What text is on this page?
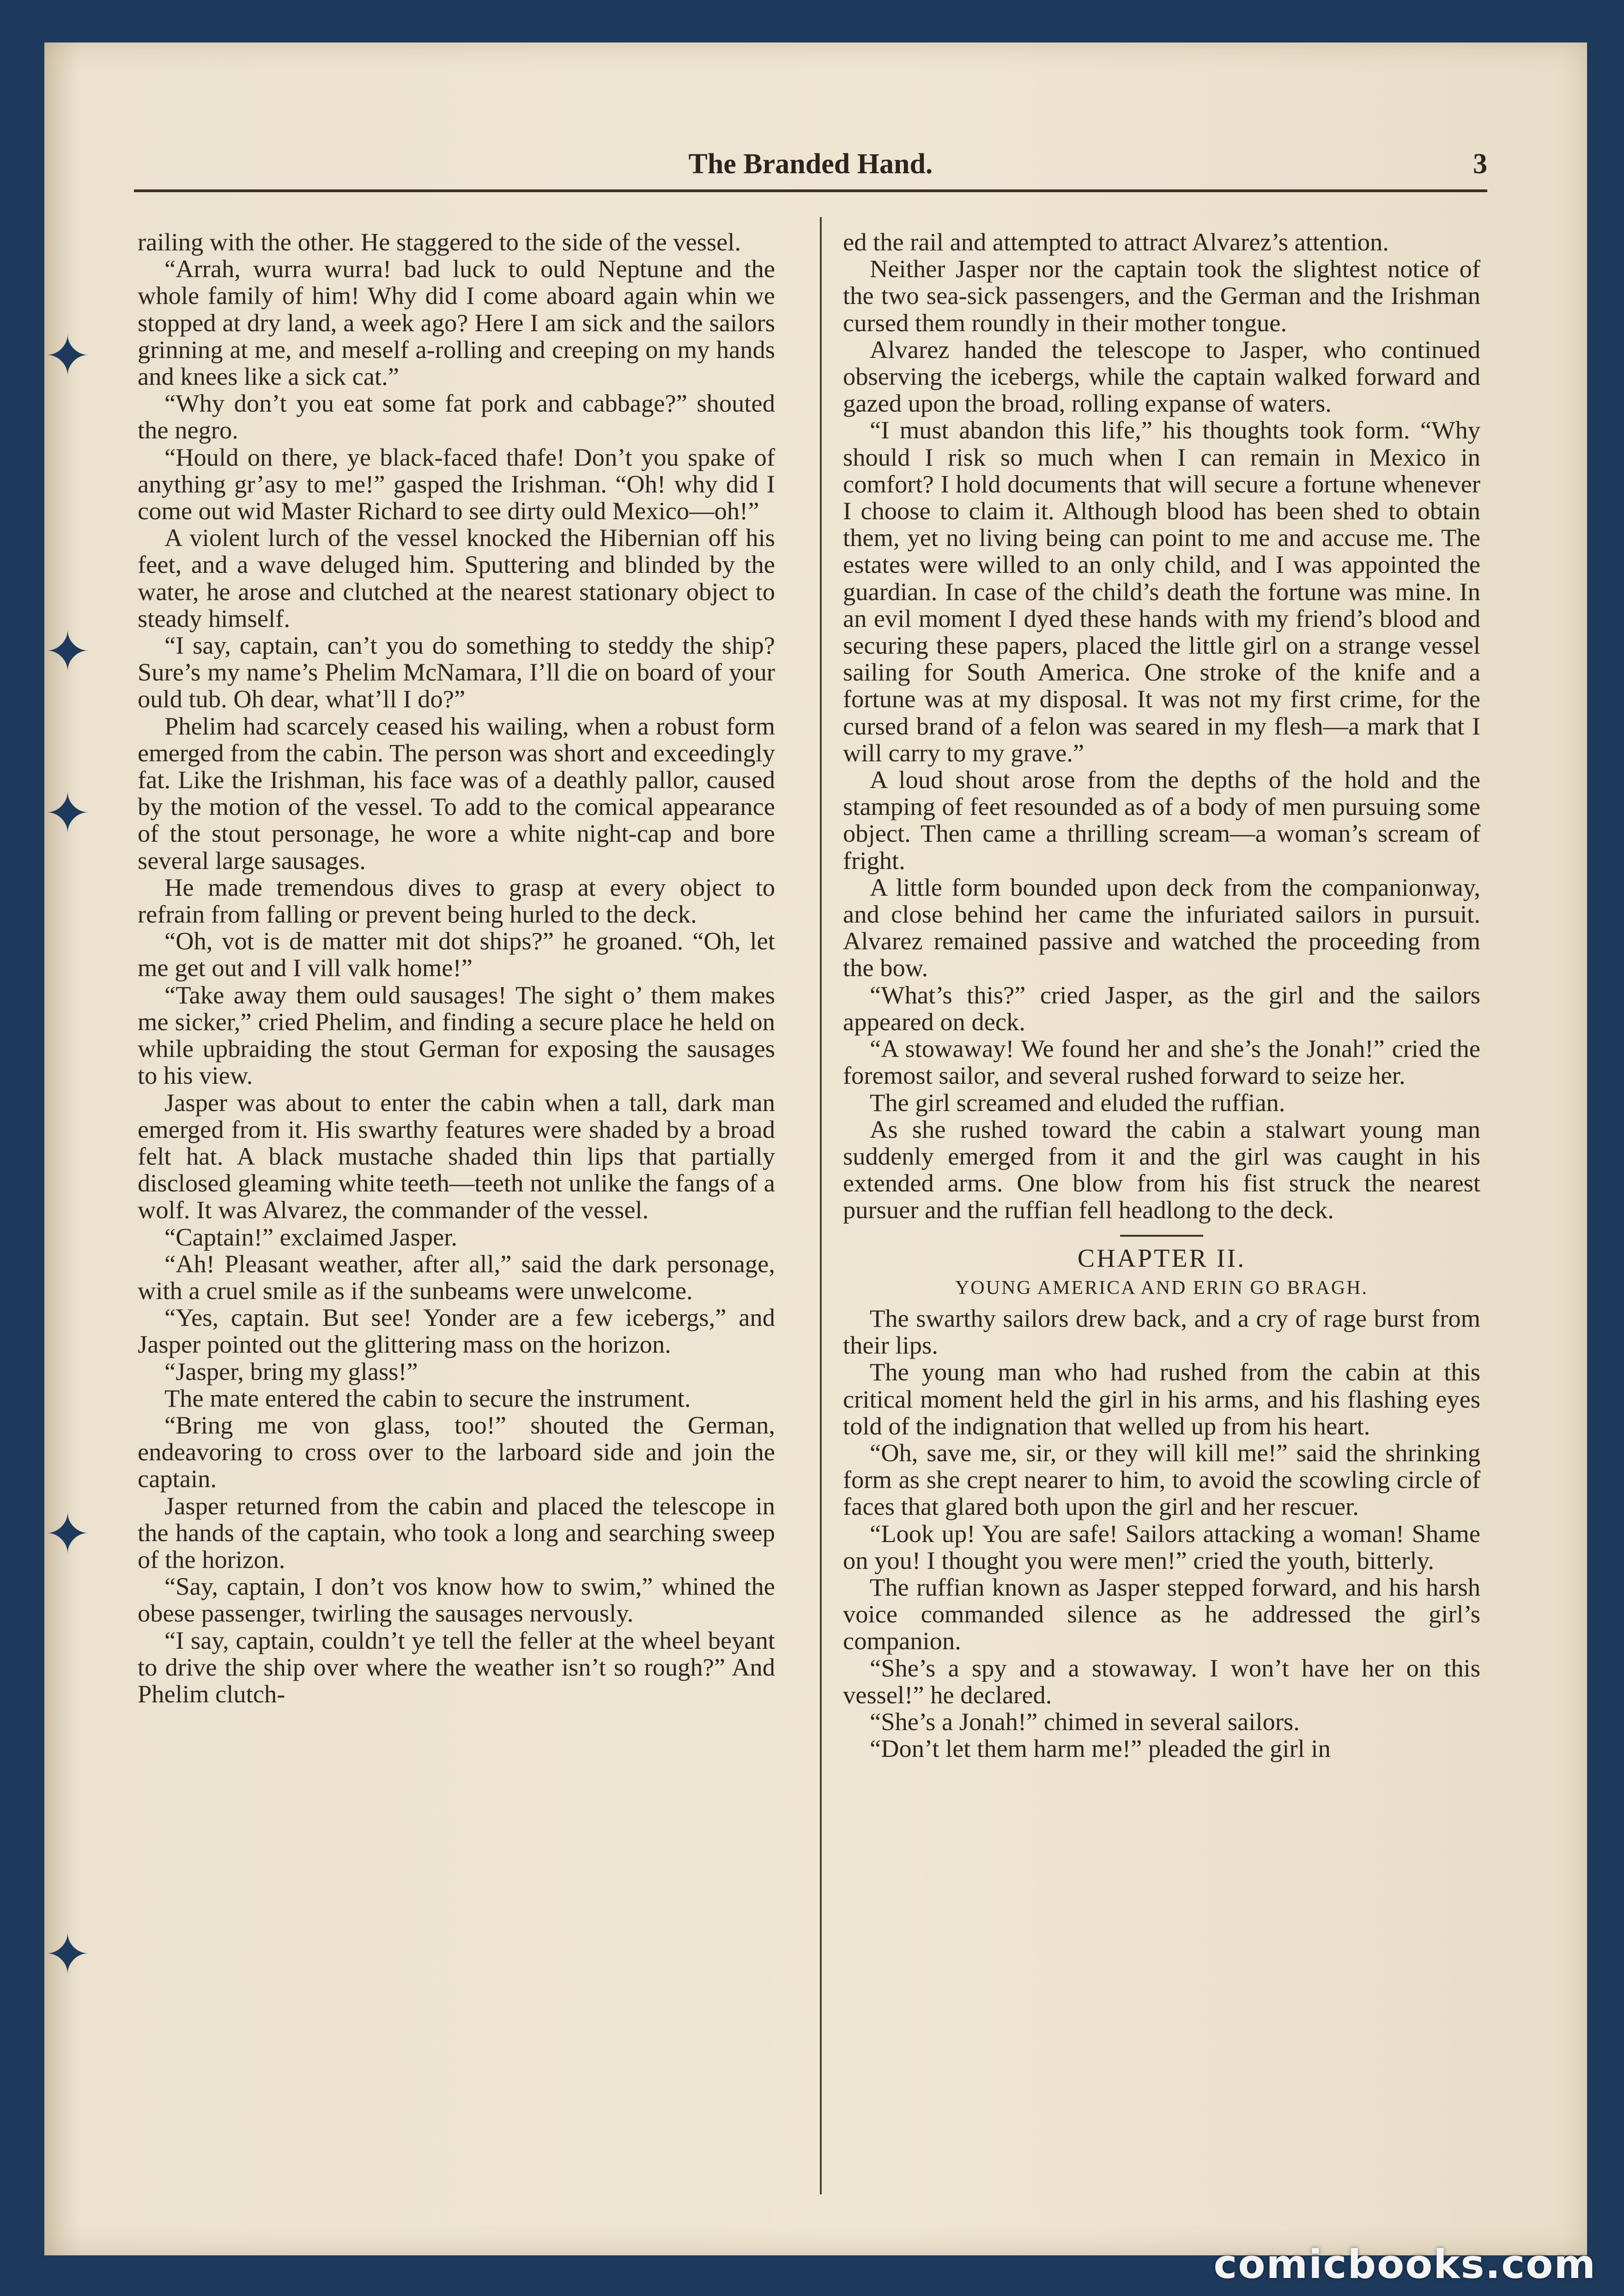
✦
✦
✦
✦
✦
The Branded Hand.	3

railing with the other. He staggered to the side of the vessel.

“Arrah, wurra wurra! bad luck to ould Neptune and the whole family of him! Why did I come aboard again whin we stopped at dry land, a week ago? Here I am sick and the sailors grinning at me, and meself a-rolling and creeping on my hands and knees like a sick cat.”

“Why don’t you eat some fat pork and cabbage?” shouted the negro.

“Hould on there, ye black-faced thafe! Don’t you spake of anything gr’asy to me!” gasped the Irishman. “Oh! why did I come out wid Master Richard to see dirty ould Mexico—oh!”

A violent lurch of the vessel knocked the Hibernian off his feet, and a wave deluged him. Sputtering and blinded by the water, he arose and clutched at the nearest stationary object to steady himself.

“I say, captain, can’t you do something to steddy the ship? Sure’s my name’s Phelim McNamara, I’ll die on board of your ould tub. Oh dear, what’ll I do?”

Phelim had scarcely ceased his wailing, when a robust form emerged from the cabin. The person was short and exceedingly fat. Like the Irishman, his face was of a deathly pallor, caused by the motion of the vessel. To add to the comical appearance of the stout personage, he wore a white night-cap and bore several large sausages.

He made tremendous dives to grasp at every object to refrain from falling or prevent being hurled to the deck.

“Oh, vot is de matter mit dot ships?” he groaned. “Oh, let me get out and I vill valk home!”

“Take away them ould sausages! The sight o’ them makes me sicker,” cried Phelim, and finding a secure place he held on while upbraiding the stout German for exposing the sausages to his view.

Jasper was about to enter the cabin when a tall, dark man emerged from it. His swarthy features were shaded by a broad felt hat. A black mustache shaded thin lips that partially disclosed gleaming white teeth—teeth not unlike the fangs of a wolf. It was Alvarez, the commander of the vessel.

“Captain!” exclaimed Jasper.

“Ah! Pleasant weather, after all,” said the dark personage, with a cruel smile as if the sunbeams were unwelcome.

“Yes, captain. But see! Yonder are a few icebergs,” and Jasper pointed out the glittering mass on the horizon.

“Jasper, bring my glass!”

The mate entered the cabin to secure the instrument.

“Bring me von glass, too!” shouted the German, endeavoring to cross over to the larboard side and join the captain.

Jasper returned from the cabin and placed the telescope in the hands of the captain, who took a long and searching sweep of the horizon.

“Say, captain, I don’t vos know how to swim,” whined the obese passenger, twirling the sausages nervously.

“I say, captain, couldn’t ye tell the feller at the wheel beyant to drive the ship over where the weather isn’t so rough?” And Phelim clutch-

ed the rail and attempted to attract Alvarez’s attention.

Neither Jasper nor the captain took the slightest notice of the two sea-sick passengers, and the German and the Irishman cursed them roundly in their mother tongue.

Alvarez handed the telescope to Jasper, who continued observing the icebergs, while the captain walked forward and gazed upon the broad, rolling expanse of waters.

“I must abandon this life,” his thoughts took form. “Why should I risk so much when I can remain in Mexico in comfort? I hold documents that will secure a fortune whenever I choose to claim it. Although blood has been shed to obtain them, yet no living being can point to me and accuse me. The estates were willed to an only child, and I was appointed the guardian. In case of the child’s death the fortune was mine. In an evil moment I dyed these hands with my friend’s blood and securing these papers, placed the little girl on a strange vessel sailing for South America. One stroke of the knife and a fortune was at my disposal. It was not my first crime, for the cursed brand of a felon was seared in my flesh—a mark that I will carry to my grave.”

A loud shout arose from the depths of the hold and the stamping of feet resounded as of a body of men pursuing some object. Then came a thrilling scream—a woman’s scream of fright.

A little form bounded upon deck from the companionway, and close behind her came the infuriated sailors in pursuit. Alvarez remained passive and watched the proceeding from the bow.

“What’s this?” cried Jasper, as the girl and the sailors appeared on deck.

“A stowaway! We found her and she’s the Jonah!” cried the foremost sailor, and several rushed forward to seize her.

The girl screamed and eluded the ruffian.

As she rushed toward the cabin a stalwart young man suddenly emerged from it and the girl was caught in his extended arms. One blow from his fist struck the nearest pursuer and the ruffian fell headlong to the deck.

CHAPTER II.
YOUNG AMERICA AND ERIN GO BRAGH.

The swarthy sailors drew back, and a cry of rage burst from their lips.

The young man who had rushed from the cabin at this critical moment held the girl in his arms, and his flashing eyes told of the indignation that welled up from his heart.

“Oh, save me, sir, or they will kill me!” said the shrinking form as she crept nearer to him, to avoid the scowling circle of faces that glared both upon the girl and her rescuer.

“Look up! You are safe! Sailors attacking a woman! Shame on you! I thought you were men!” cried the youth, bitterly.

The ruffian known as Jasper stepped forward, and his harsh voice commanded silence as he addressed the girl’s companion.

“She’s a spy and a stowaway. I won’t have her on this vessel!” he declared.

“She’s a Jonah!” chimed in several sailors.

“Don’t let them harm me!” pleaded the girl in

comicbooks.com
